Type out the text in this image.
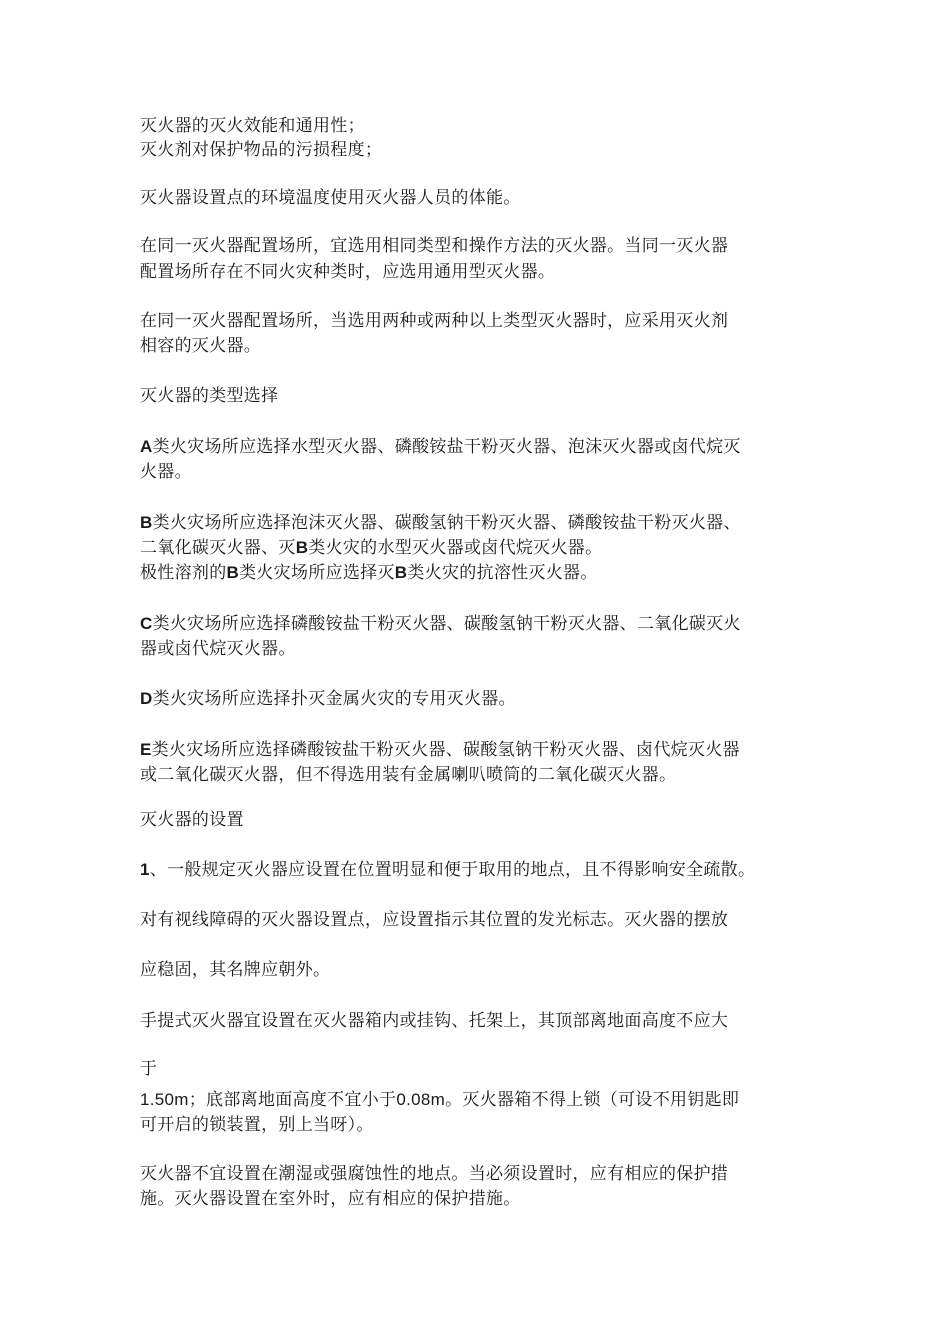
灭火器的灭火效能和通用性；
灭火剂对保护物品的污损程度；
灭火器设置点的环境温度使用灭火器人员的体能。
在同一灭火器配置场所，宜选用相同类型和操作方法的灭火器。当同一灭火器
配置场所存在不同火灾种类时，应选用通用型灭火器。
在同一灭火器配置场所，当选用两种或两种以上类型灭火器时，应采用灭火剂
相容的灭火器。
灭火器的类型选择
A类火灾场所应选择水型灭火器、磷酸铵盐干粉灭火器、泡沫灭火器或卤代烷灭
火器。
B类火灾场所应选择泡沫灭火器、碳酸氢钠干粉灭火器、磷酸铵盐干粉灭火器、
二氧化碳灭火器、灭B类火灾的水型灭火器或卤代烷灭火器。
极性溶剂的B类火灾场所应选择灭B类火灾的抗溶性灭火器。
C类火灾场所应选择磷酸铵盐干粉灭火器、碳酸氢钠干粉灭火器、二氧化碳灭火
器或卤代烷灭火器。
D类火灾场所应选择扑灭金属火灾的专用灭火器。
E类火灾场所应选择磷酸铵盐干粉灭火器、碳酸氢钠干粉灭火器、卤代烷灭火器
或二氧化碳灭火器，但不得选用装有金属喇叭喷筒的二氧化碳灭火器。
灭火器的设置
1、一般规定灭火器应设置在位置明显和便于取用的地点，且不得影响安全疏散。
对有视线障碍的灭火器设置点，应设置指示其位置的发光标志。灭火器的摆放
应稳固，其名牌应朝外。
手提式灭火器宜设置在灭火器箱内或挂钩、托架上，其顶部离地面高度不应大
于
1.50m；底部离地面高度不宜小于0.08m。灭火器箱不得上锁（可设不用钥匙即
可开启的锁装置，别上当呀）。
灭火器不宜设置在潮湿或强腐蚀性的地点。当必须设置时，应有相应的保护措
施。灭火器设置在室外时，应有相应的保护措施。
